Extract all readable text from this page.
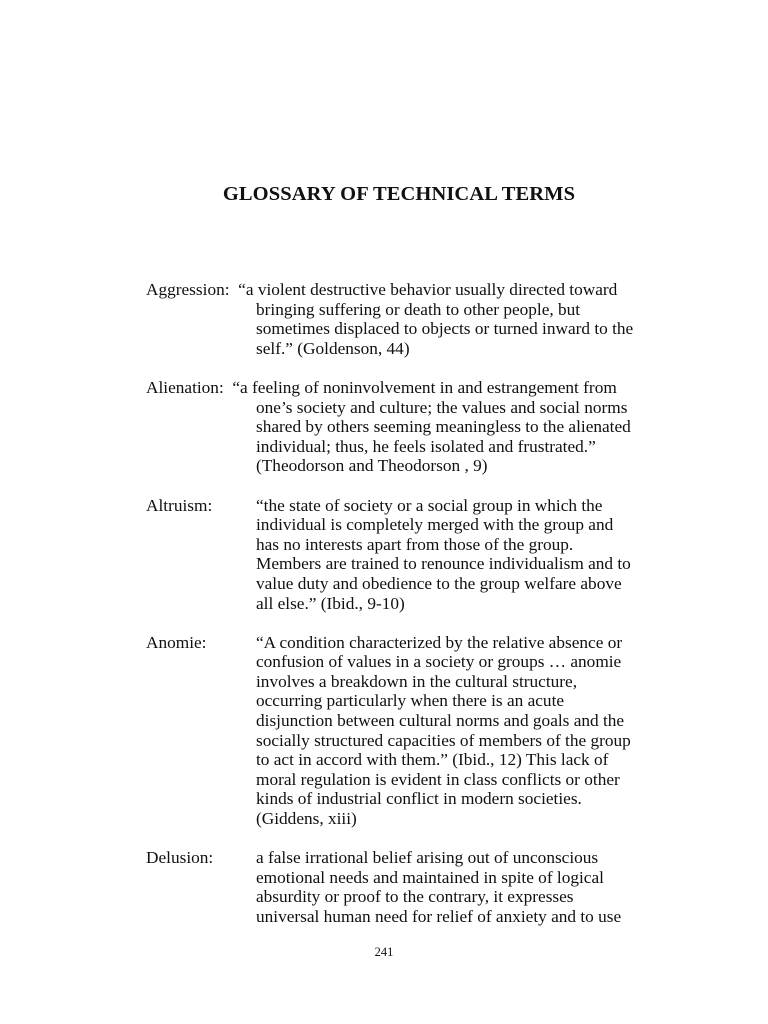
GLOSSARY OF TECHNICAL TERMS
Aggression: “a violent destructive behavior usually directed toward
bringing suffering or death to other people, but
sometimes displaced to objects or turned inward to the
self.” (Goldenson, 44)
Alienation: “a feeling of noninvolvement in and estrangement from
one’s society and culture; the values and social norms
shared by others seeming meaningless to the alienated
individual; thus, he feels isolated and frustrated.”
(Theodorson and Theodorson , 9)
Altruism:	“the state of society or a social group in which the
individual is completely merged with the group and
has no interests apart from those of the group.
Members are trained to renounce individualism and to
value duty and obedience to the group welfare above
all else.” (Ibid., 9-10)
Anomie:	“A condition characterized by the relative absence or
confusion of values in a society or groups … anomie
involves a breakdown in the cultural structure,
occurring particularly when there is an acute
disjunction between cultural norms and goals and the
socially structured capacities of members of the group
to act in accord with them.” (Ibid., 12) This lack of
moral regulation is evident in class conflicts or other
kinds of industrial conflict in modern societies.
(Giddens, xiii)
Delusion: a false irrational belief arising out of unconscious
emotional needs and maintained in spite of logical
absurdity or proof to the contrary, it expresses
universal human need for relief of anxiety and to use
241
